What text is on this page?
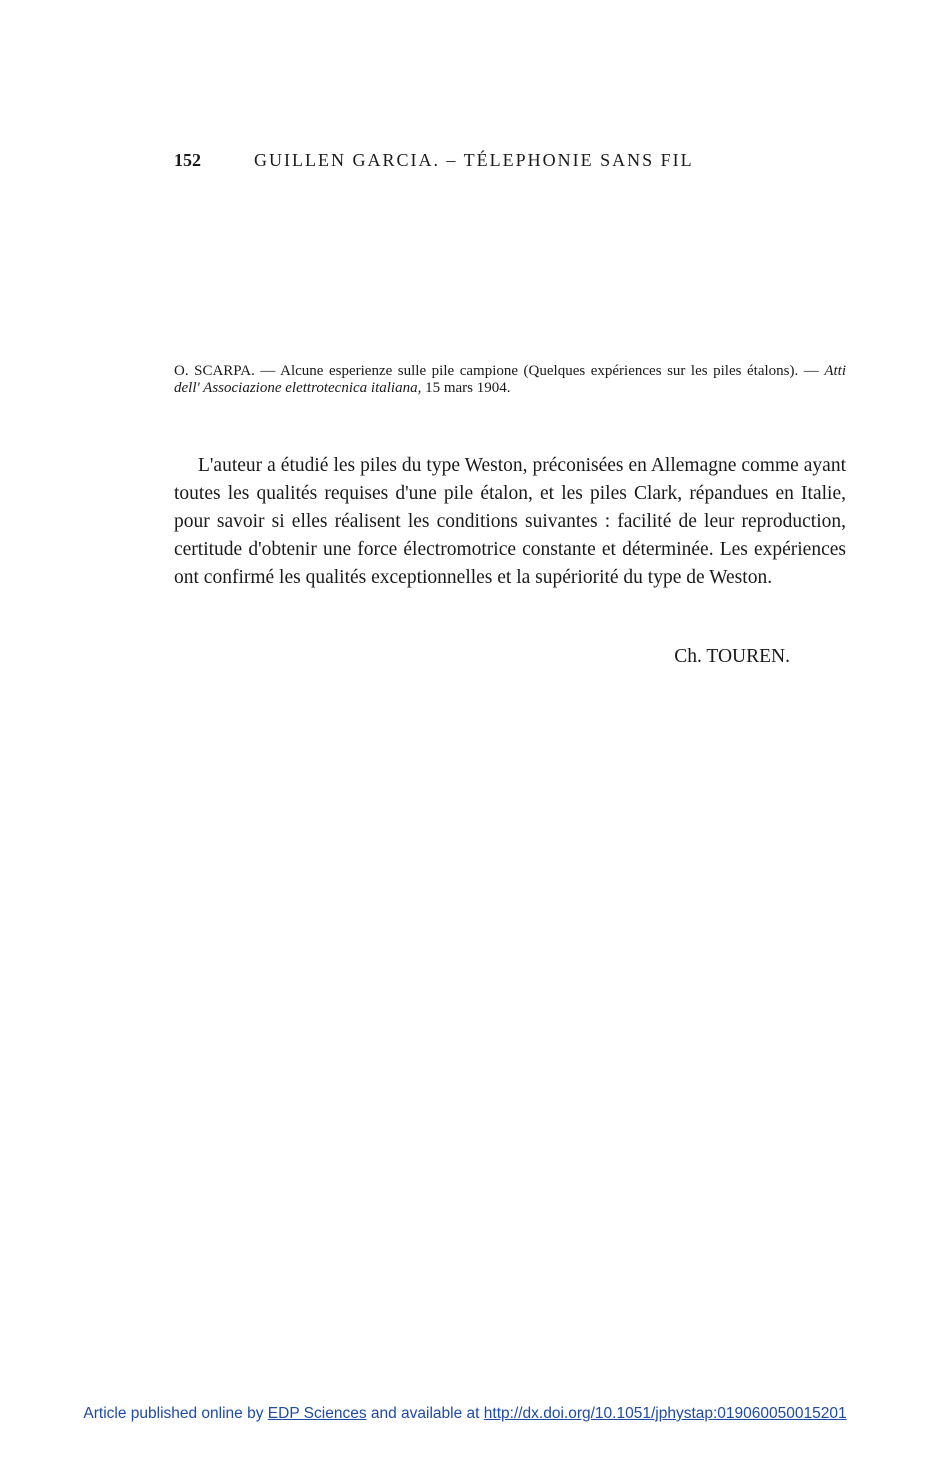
152	GUILLEN GARCIA. – TÉLEPHONIE SANS FIL
O. SCARPA. — Alcune esperienze sulle pile campione (Quelques expériences sur les piles étalons). — Atti dell' Associazione elettrotecnica italiana, 15 mars 1904.

L'auteur a étudié les piles du type Weston, préconisées en Allemagne comme ayant toutes les qualités requises d'une pile étalon, et les piles Clark, répandues en Italie, pour savoir si elles réalisent les conditions suivantes : facilité de leur reproduction, certitude d'obtenir une force électromotrice constante et déterminée. Les expériences ont confirmé les qualités exceptionnelles et la supériorité du type de Weston.

Ch. TOUREN.
Article published online by EDP Sciences and available at http://dx.doi.org/10.1051/jphystap:019060050015201
